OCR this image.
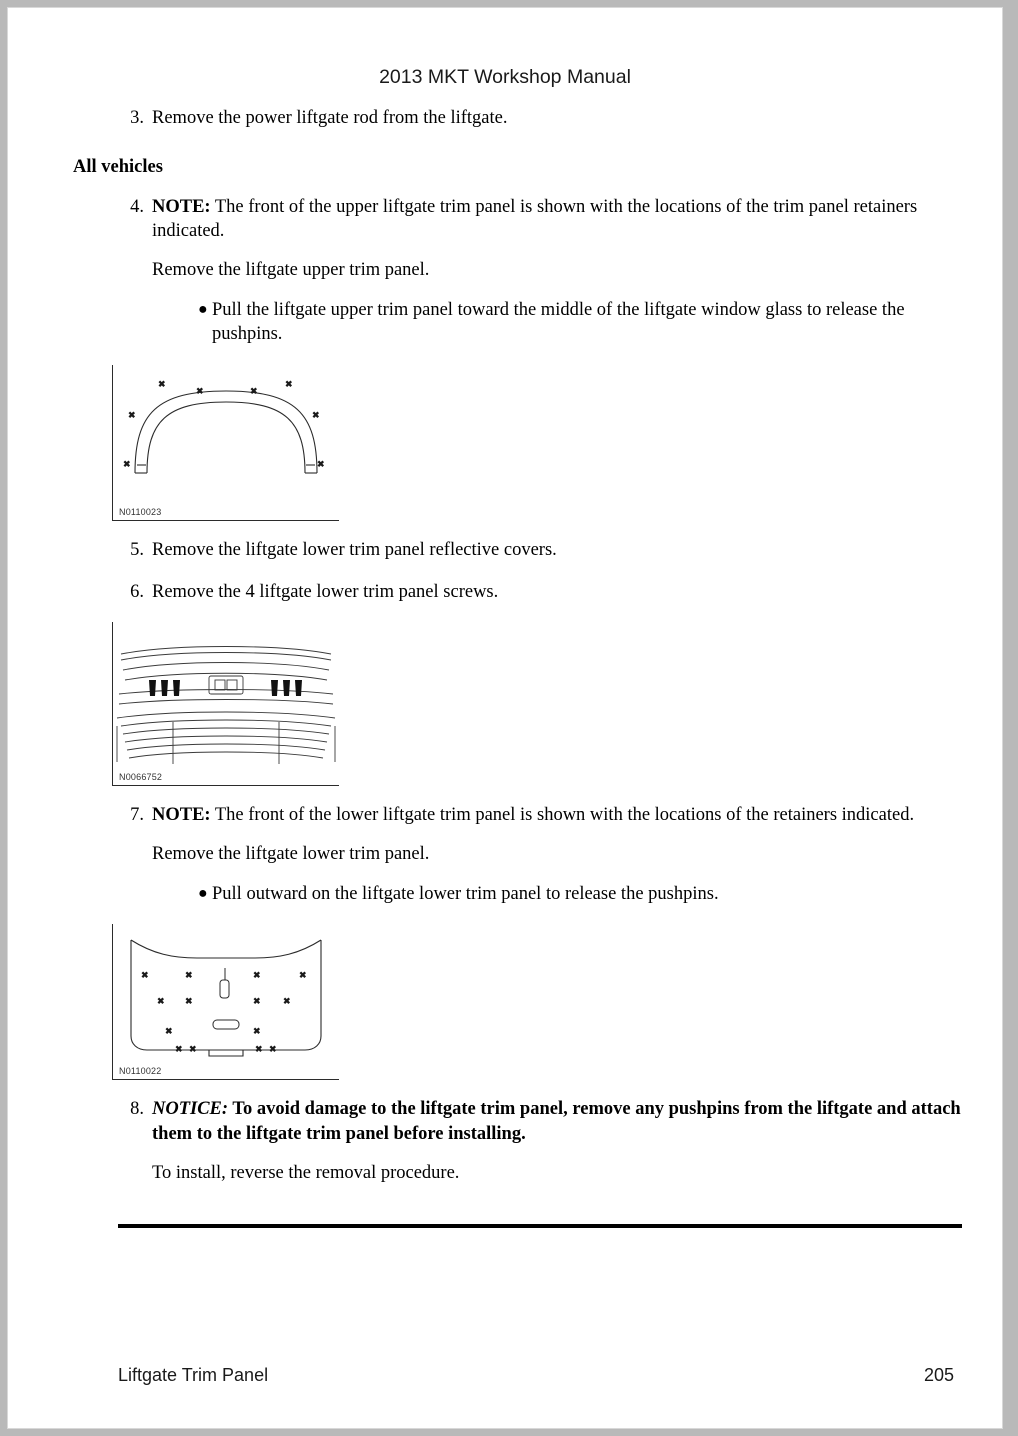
2013 MKT Workshop Manual
3. Remove the power liftgate rod from the liftgate.
All vehicles
4. NOTE: The front of the upper liftgate trim panel is shown with the locations of the trim panel retainers indicated.
Remove the liftgate upper trim panel.
● Pull the liftgate upper trim panel toward the middle of the liftgate window glass to release the pushpins.
✖
✖	✖
✖
✖	✖
✖	✖
N0110023
5. Remove the liftgate lower trim panel reflective covers.
6. Remove the 4 liftgate lower trim panel screws.
N0066752
7. NOTE: The front of the lower liftgate trim panel is shown with the locations of the retainers indicated.
Remove the liftgate lower trim panel.
● Pull outward on the liftgate lower trim panel to release the pushpins.
✖	✖	✖	✖
✖ ✖	✖ ✖
✖	✖
✖ ✖	✖ ✖
N0110022
8. NOTICE: To avoid damage to the liftgate trim panel, remove any pushpins from the liftgate and attach them to the liftgate trim panel before installing.
To install, reverse the removal procedure.
Liftgate Trim Panel	205
